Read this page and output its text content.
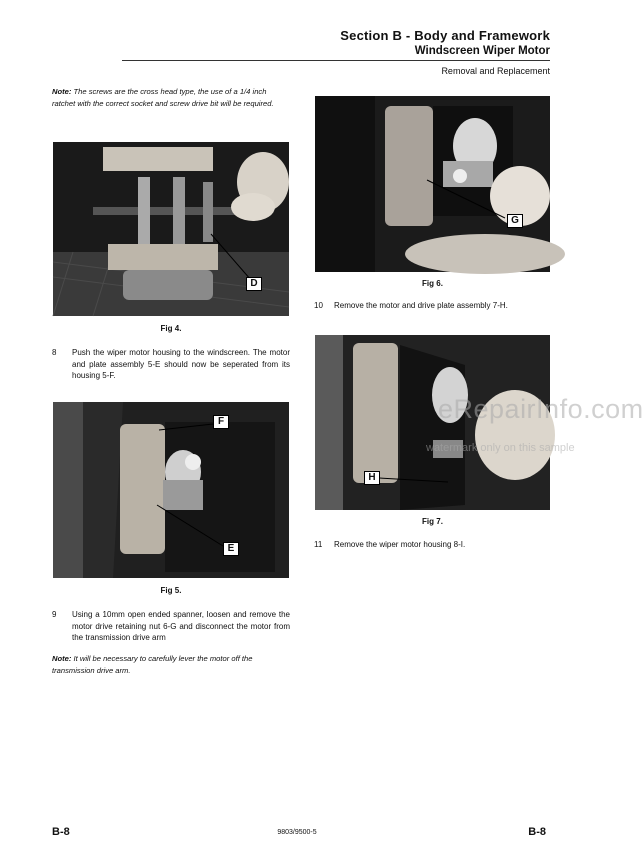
Section B - Body and Framework
Windscreen Wiper Motor
Removal and Replacement
Note: The screws are the cross head type, the use of a 1/4 inch ratchet with the correct socket and screw drive bit will be required.
D
Fig 4.
8 Push the wiper motor housing to the windscreen. The motor and plate assembly 5-E should now be seperated from its housing 5-F.
F
E
Fig 5.
9 Using a 10mm open ended spanner, loosen and remove the motor drive retaining nut 6-G and disconnect the motor from the transmission drive arm
Note: It will be necessary to carefully lever the motor off the transmission drive arm.
G
Fig 6.
10 Remove the motor and drive plate assembly 7-H.
H
Fig 7.
11 Remove the wiper motor housing 8-I.
eRepairInfo.com
watermark only on this sample
B-8	9803/9500-5	B-8
